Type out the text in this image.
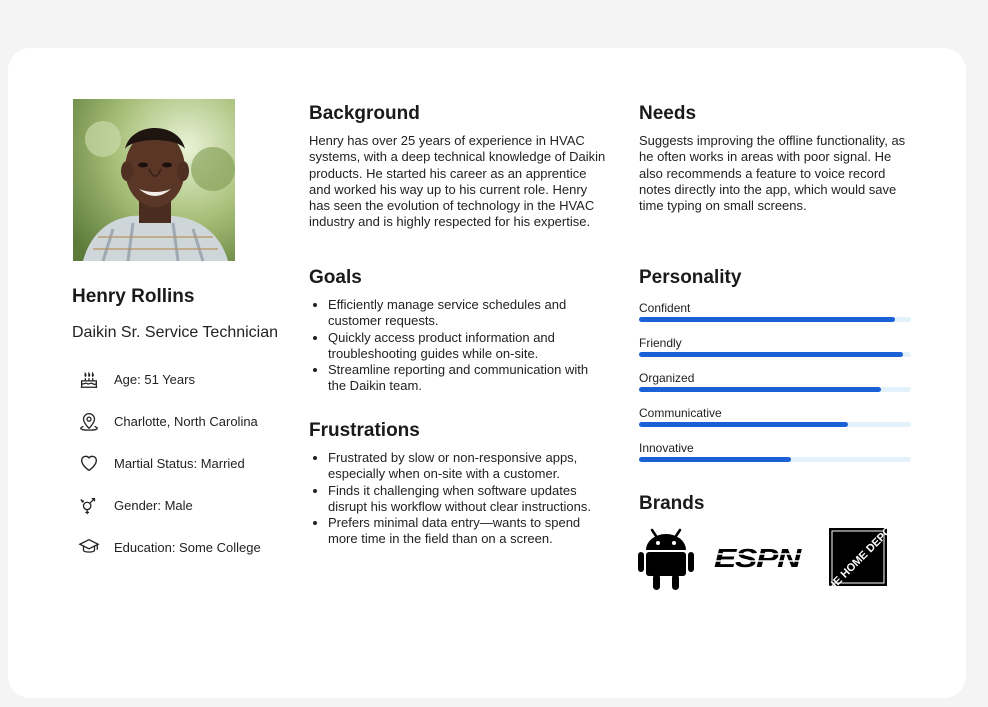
Henry Rollins
Daikin Sr. Service Technician
Age: 51 Years
Charlotte, North Carolina
Martial Status: Married
Gender: Male
Education: Some College
Background

Henry has over 25 years of experience in HVAC systems, with a deep technical knowledge of Daikin products. He started his career as an apprentice and worked his way up to his current role. Henry has seen the evolution of technology in the HVAC industry and is highly respected for his expertise.

Goals
• Efficiently manage service schedules and customer requests.
• Quickly access product information and troubleshooting guides while on-site.
• Streamline reporting and communication with the Daikin team.
Frustrations
• Frustrated by slow or non-responsive apps, especially when on-site with a customer.
• Finds it challenging when software updates disrupt his workflow without clear instructions.
• Prefers minimal data entry—wants to spend more time in the field than on a screen.
Needs

Suggests improving the offline functionality, as he often works in areas with poor signal. He also recommends a feature to voice record notes directly into the app, which would save time typing on small screens.

Personality
Confident
Friendly
Organized
Communicative
Innovative
Brands
ESPN THE HOME DEPOT
